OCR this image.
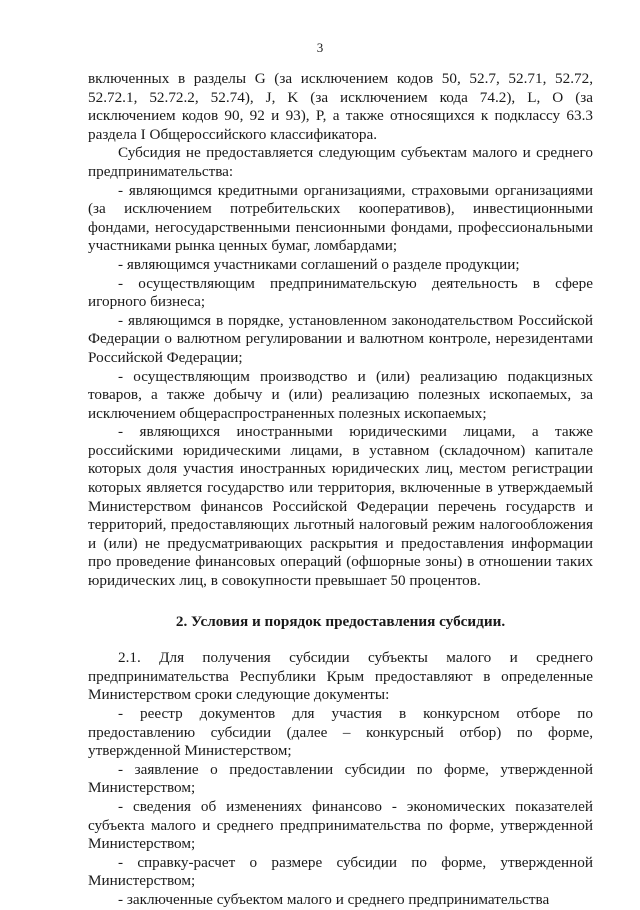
3

включенных в разделы G (за исключением кодов 50, 52.7, 52.71, 52.72, 52.72.1, 52.72.2, 52.74), J, K (за исключением кода 74.2), L, O (за исключением кодов 90, 92 и 93), P, а также относящихся к подклассу 63.3 раздела I Общероссийского классификатора.

Субсидия не предоставляется следующим субъектам малого и среднего предпринимательства:

- являющимся кредитными организациями, страховыми организациями (за исключением потребительских кооперативов), инвестиционными фондами, негосударственными пенсионными фондами, профессиональными участниками рынка ценных бумаг, ломбардами;

- являющимся участниками соглашений о разделе продукции;

- осуществляющим предпринимательскую деятельность в сфере игорного бизнеса;

- являющимся в порядке, установленном законодательством Российской Федерации о валютном регулировании и валютном контроле, нерезидентами Российской Федерации;

- осуществляющим производство и (или) реализацию подакцизных товаров, а также добычу и (или) реализацию полезных ископаемых, за исключением общераспространенных полезных ископаемых;

- являющихся иностранными юридическими лицами, а также российскими юридическими лицами, в уставном (складочном) капитале которых доля участия иностранных юридических лиц, местом регистрации которых является государство или территория, включенные в утверждаемый Министерством финансов Российской Федерации перечень государств и территорий, предоставляющих льготный налоговый режим налогообложения и (или) не предусматривающих раскрытия и предоставления информации про проведение финансовых операций (офшорные зоны) в отношении таких юридических лиц, в совокупности превышает 50 процентов.

2. Условия и порядок предоставления субсидии.

2.1. Для получения субсидии субъекты малого и среднего предпринимательства Республики Крым предоставляют в определенные Министерством сроки следующие документы:

- реестр документов для участия в конкурсном отборе по предоставлению субсидии (далее – конкурсный отбор) по форме, утвержденной Министерством;

- заявление о предоставлении субсидии по форме, утвержденной Министерством;

- сведения об изменениях финансово - экономических показателей субъекта малого и среднего предпринимательства по форме, утвержденной Министерством;

- справку-расчет о размере субсидии по форме, утвержденной Министерством;

- заключенные субъектом малого и среднего предпринимательства
